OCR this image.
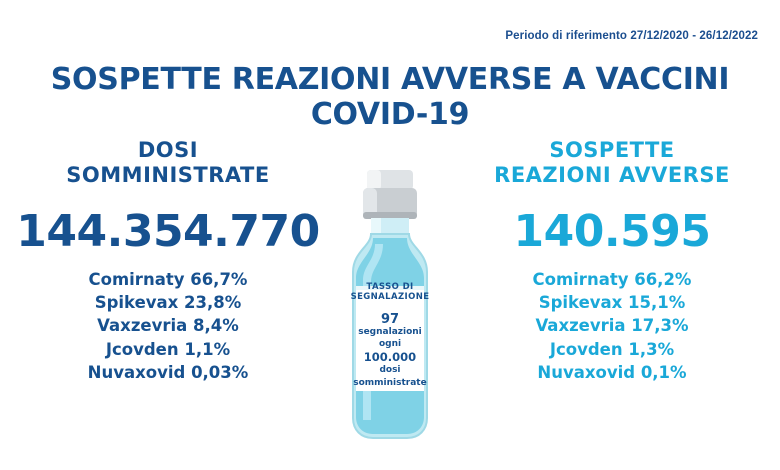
Periodo di riferimento 27/12/2020 - 26/12/2022
SOSPETTE REAZIONI AVVERSE A VACCINI COVID-19
DOSI
SOMMINISTRATE
144.354.770
Comirnaty 66,7%
Spikevax 23,8%
Vaxzevria 8,4%
Jcovden 1,1%
Nuvaxovid 0,03%
SOSPETTE
REAZIONI AVVERSE
140.595
Comirnaty 66,2%
Spikevax 15,1%
Vaxzevria 17,3%
Jcovden 1,3%
Nuvaxovid 0,1%
TASSO DI SEGNALAZIONE
97
segnalazioni
ogni
100.000
dosi
somministrate
